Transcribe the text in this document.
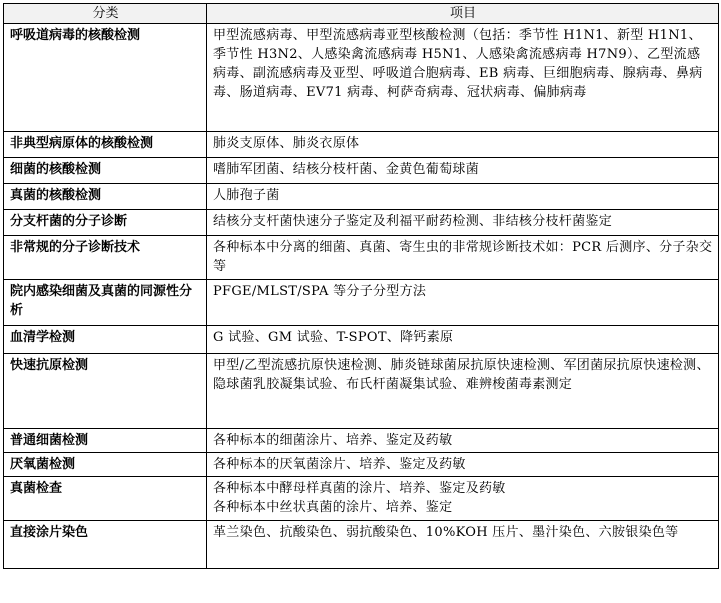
分类	项目
呼吸道病毒的核酸检测	甲型流感病毒、甲型流感病毒亚型核酸检测（包括：季节性 H1N1、新型 H1N1、季节性 H3N2、人感染禽流感病毒 H5N1、人感染禽流感病毒 H7N9）、乙型流感病毒、副流感病毒及亚型、呼吸道合胞病毒、EB 病毒、巨细胞病毒、腺病毒、鼻病毒、肠道病毒、EV71 病毒、柯萨奇病毒、冠状病毒、偏肺病毒
非典型病原体的核酸检测	肺炎支原体、肺炎衣原体
细菌的核酸检测	嗜肺军团菌、结核分枝杆菌、金黄色葡萄球菌
真菌的核酸检测	人肺孢子菌
分支杆菌的分子诊断	结核分支杆菌快速分子鉴定及利福平耐药检测、非结核分枝杆菌鉴定
非常规的分子诊断技术	各种标本中分离的细菌、真菌、寄生虫的非常规诊断技术如：PCR 后测序、分子杂交等
院内感染细菌及真菌的同源性分析	PFGE/MLST/SPA 等分子分型方法
血清学检测	G 试验、GM 试验、T-SPOT、降钙素原
快速抗原检测	甲型/乙型流感抗原快速检测、肺炎链球菌尿抗原快速检测、军团菌尿抗原快速检测、隐球菌乳胶凝集试验、布氏杆菌凝集试验、难辨梭菌毒素测定
普通细菌检测	各种标本的细菌涂片、培养、鉴定及药敏
厌氧菌检测	各种标本的厌氧菌涂片、培养、鉴定及药敏
真菌检查	各种标本中酵母样真菌的涂片、培养、鉴定及药敏
各种标本中丝状真菌的涂片、培养、鉴定

直接涂片染色	革兰染色、抗酸染色、弱抗酸染色、10%KOH 压片、墨汁染色、六胺银染色等
